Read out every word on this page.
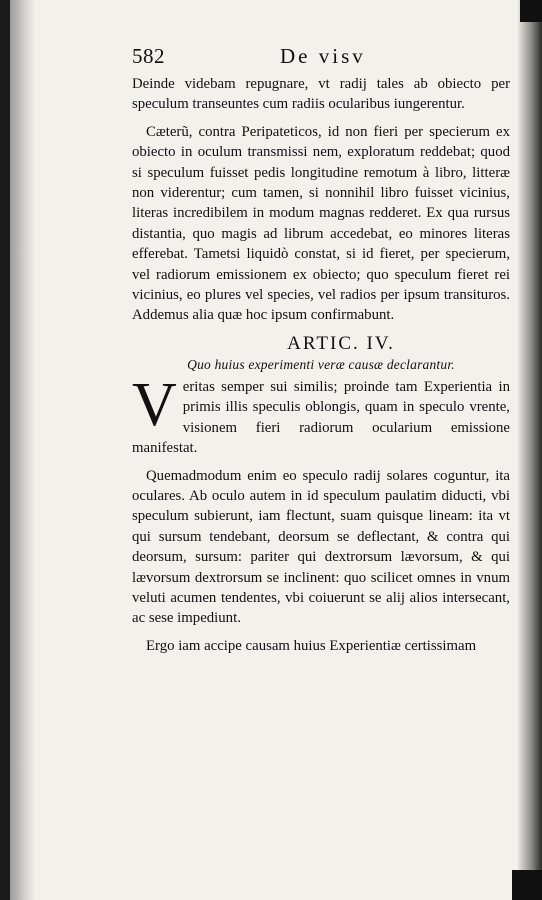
582	De visv

Deinde videbam repugnare, vt radij tales ab obiecto per speculum transeuntes cum radiis ocularibus iungerentur.

Cæterũ, contra Peripateticos, id non fieri per specierum ex obiecto in oculum transmissi nem, exploratum reddebat; quod si speculum fuisset pedis longitudine remotum à libro, litteræ non viderentur; cum tamen, si nonnihil libro fuisset vicinius, literas incredibilem in modum magnas redderet. Ex qua rursus distantia, quo magis ad librum accedebat, eo minores literas efferebat. Tametsi liquidò constat, si id fieret, per specierum, vel radiorum emissionem ex obiecto; quo speculum fieret rei vicinius, eo plures vel species, vel radios per ipsum transituros. Addemus alia quæ hoc ipsum confirmabunt.

ARTIC. IV.
Quo huius experimenti veræ causæ declarantur.

Veritas semper sui similis; proinde tam Experientia in primis illis speculis oblongis, quam in speculo vrente, visionem fieri radiorum ocularium emissione manifestat.

Quemadmodum enim eo speculo radij solares coguntur, ita oculares. Ab oculo autem in id speculum paulatim diducti, vbi speculum subierunt, iam flectunt, suam quisque lineam: ita vt qui sursum tendebant, deorsum se deflectant, & contra qui deorsum, sursum: pariter qui dextrorsum lævorsum, & qui lævorsum dextrorsum se inclinent: quo scilicet omnes in vnum veluti acumen tendentes, vbi coiuerunt se alij alios intersecant, ac sese impediunt.

Ergo iam accipe causam huius Experientiæ certissimam
